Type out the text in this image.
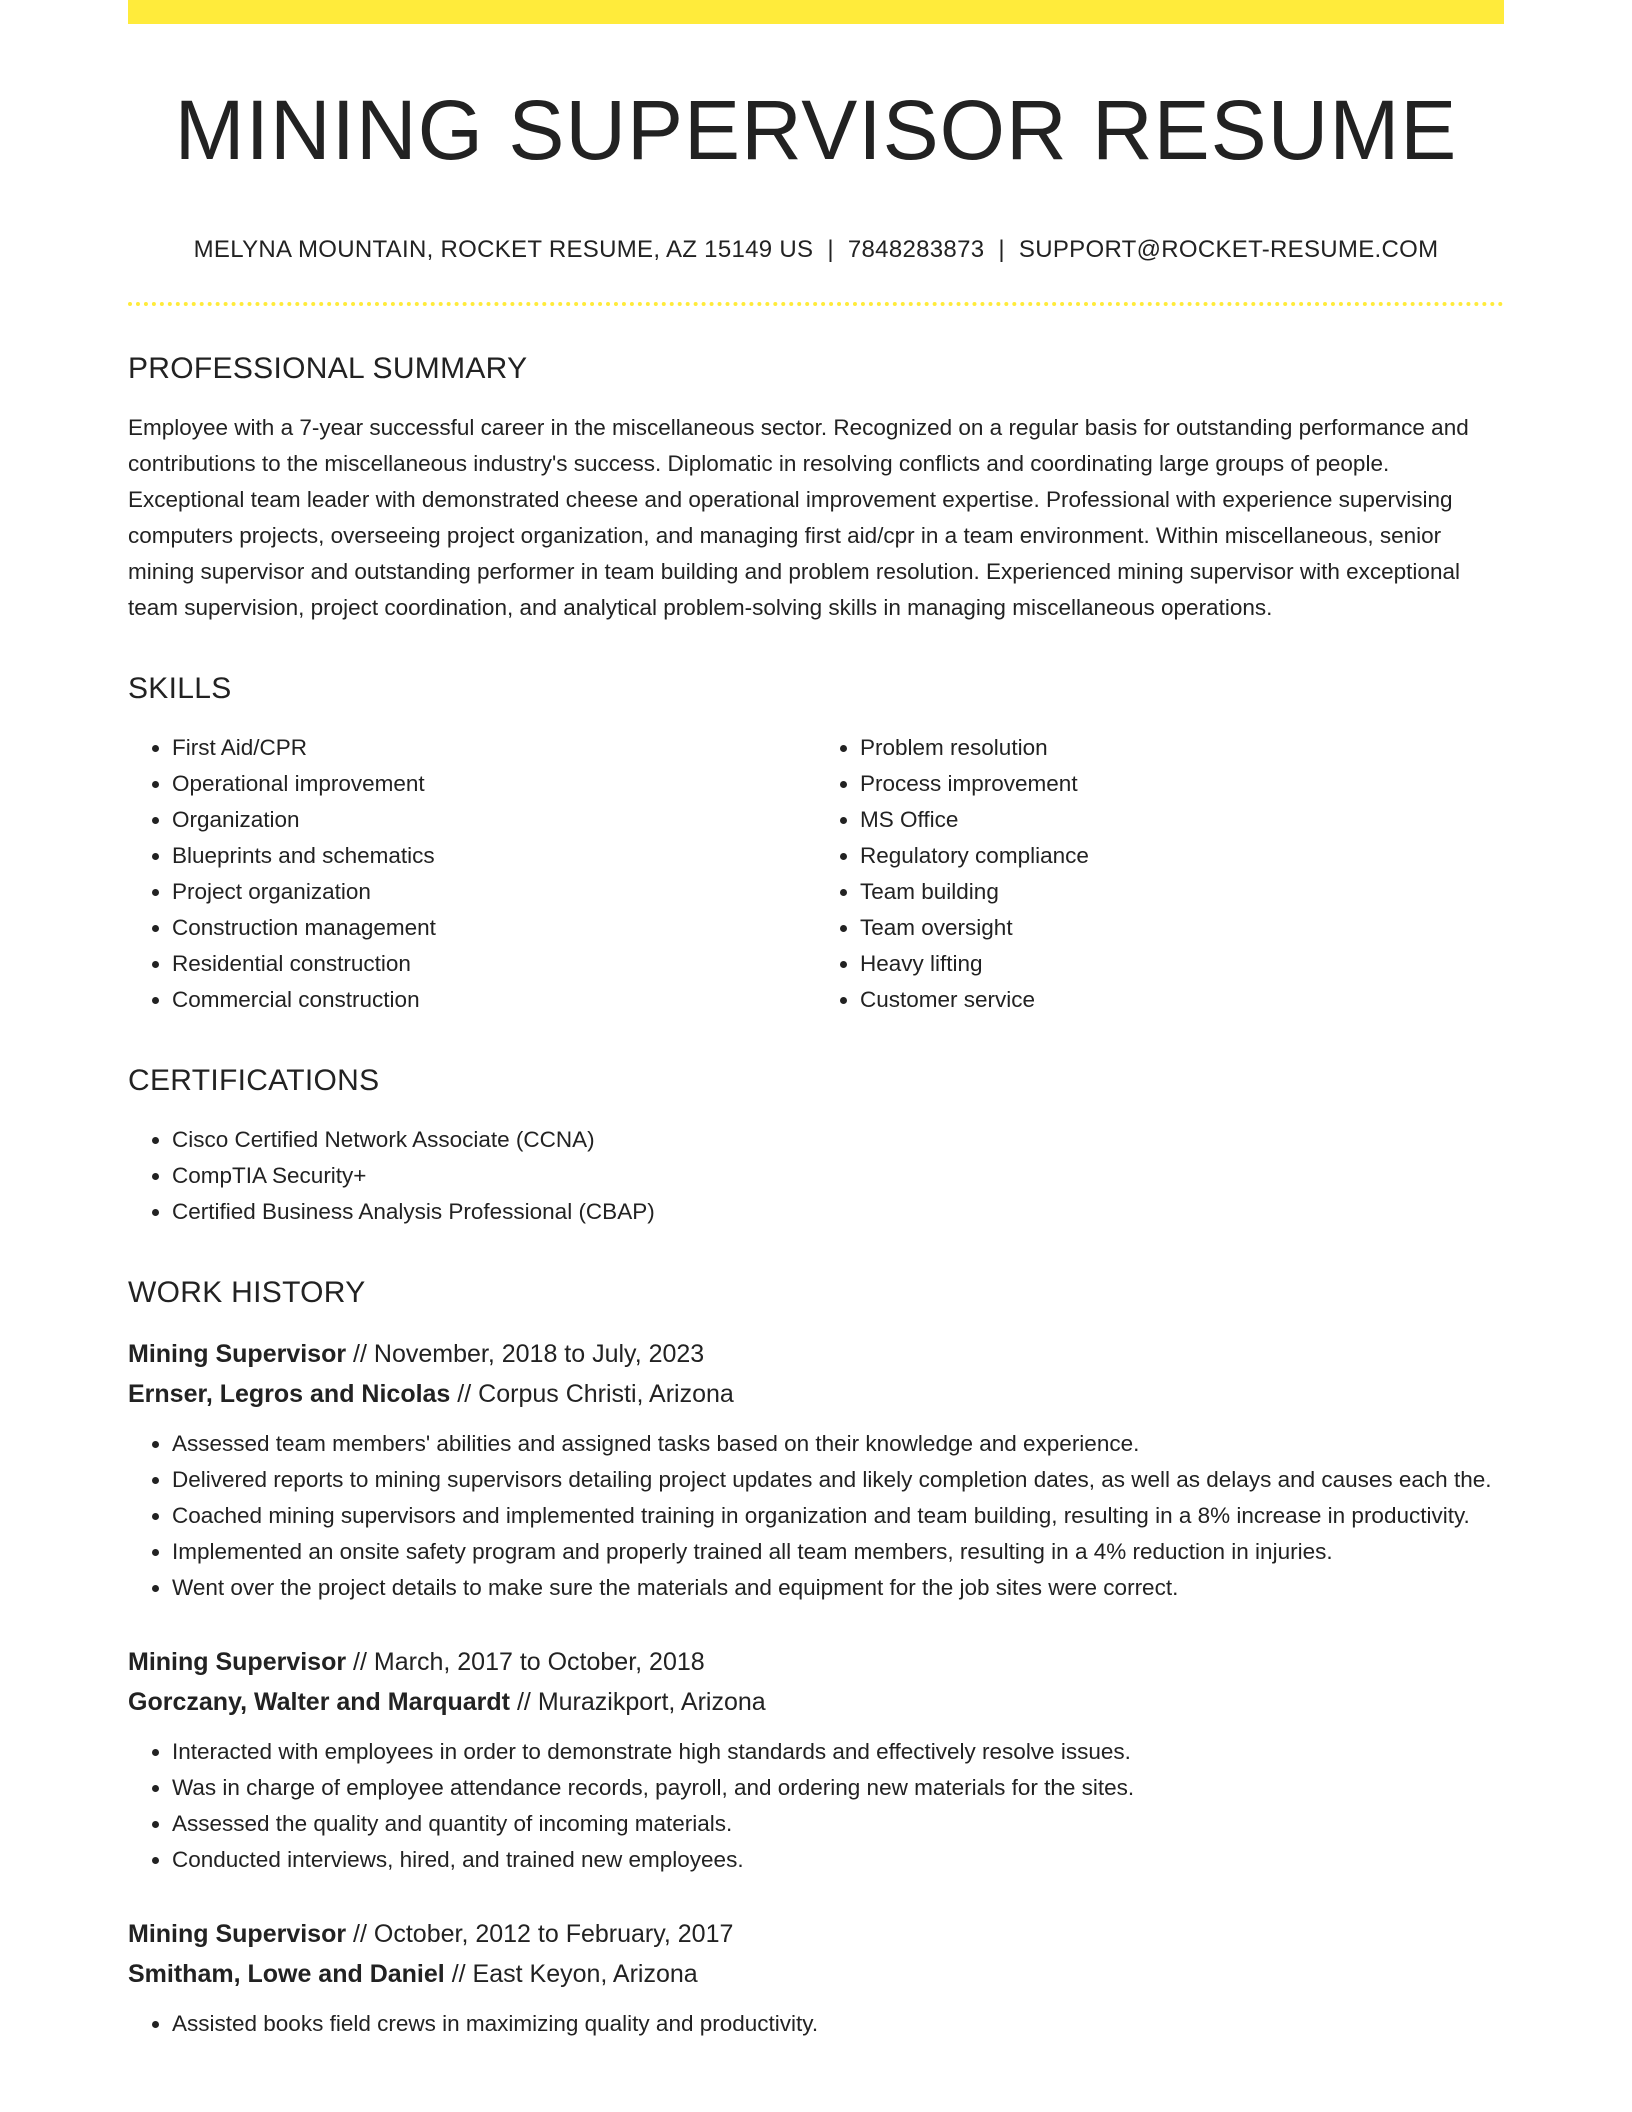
MINING SUPERVISOR RESUME
MELYNA MOUNTAIN, ROCKET RESUME, AZ 15149 US | 7848283873 | SUPPORT@ROCKET-RESUME.COM
PROFESSIONAL SUMMARY

Employee with a 7-year successful career in the miscellaneous sector. Recognized on a regular basis for outstanding performance and contributions to the miscellaneous industry's success. Diplomatic in resolving conflicts and coordinating large groups of people. Exceptional team leader with demonstrated cheese and operational improvement expertise. Professional with experience supervising computers projects, overseeing project organization, and managing first aid/cpr in a team environment. Within miscellaneous, senior mining supervisor and outstanding performer in team building and problem resolution. Experienced mining supervisor with exceptional team supervision, project coordination, and analytical problem-solving skills in managing miscellaneous operations.

SKILLS
• First Aid/CPR
• Operational improvement
• Organization
• Blueprints and schematics
• Project organization
• Construction management
• Residential construction
• Commercial construction
• Problem resolution
• Process improvement
• MS Office
• Regulatory compliance
• Team building
• Team oversight
• Heavy lifting
• Customer service
CERTIFICATIONS
• Cisco Certified Network Associate (CCNA)
• CompTIA Security+
• Certified Business Analysis Professional (CBAP)
WORK HISTORY
Mining Supervisor // November, 2018 to July, 2023
Ernser, Legros and Nicolas // Corpus Christi, Arizona
• Assessed team members' abilities and assigned tasks based on their knowledge and experience.
• Delivered reports to mining supervisors detailing project updates and likely completion dates, as well as delays and causes each the.
• Coached mining supervisors and implemented training in organization and team building, resulting in a 8% increase in productivity.
• Implemented an onsite safety program and properly trained all team members, resulting in a 4% reduction in injuries.
• Went over the project details to make sure the materials and equipment for the job sites were correct.
Mining Supervisor // March, 2017 to October, 2018
Gorczany, Walter and Marquardt // Murazikport, Arizona
• Interacted with employees in order to demonstrate high standards and effectively resolve issues.
• Was in charge of employee attendance records, payroll, and ordering new materials for the sites.
• Assessed the quality and quantity of incoming materials.
• Conducted interviews, hired, and trained new employees.
Mining Supervisor // October, 2012 to February, 2017
Smitham, Lowe and Daniel // East Keyon, Arizona
• Assisted books field crews in maximizing quality and productivity.
